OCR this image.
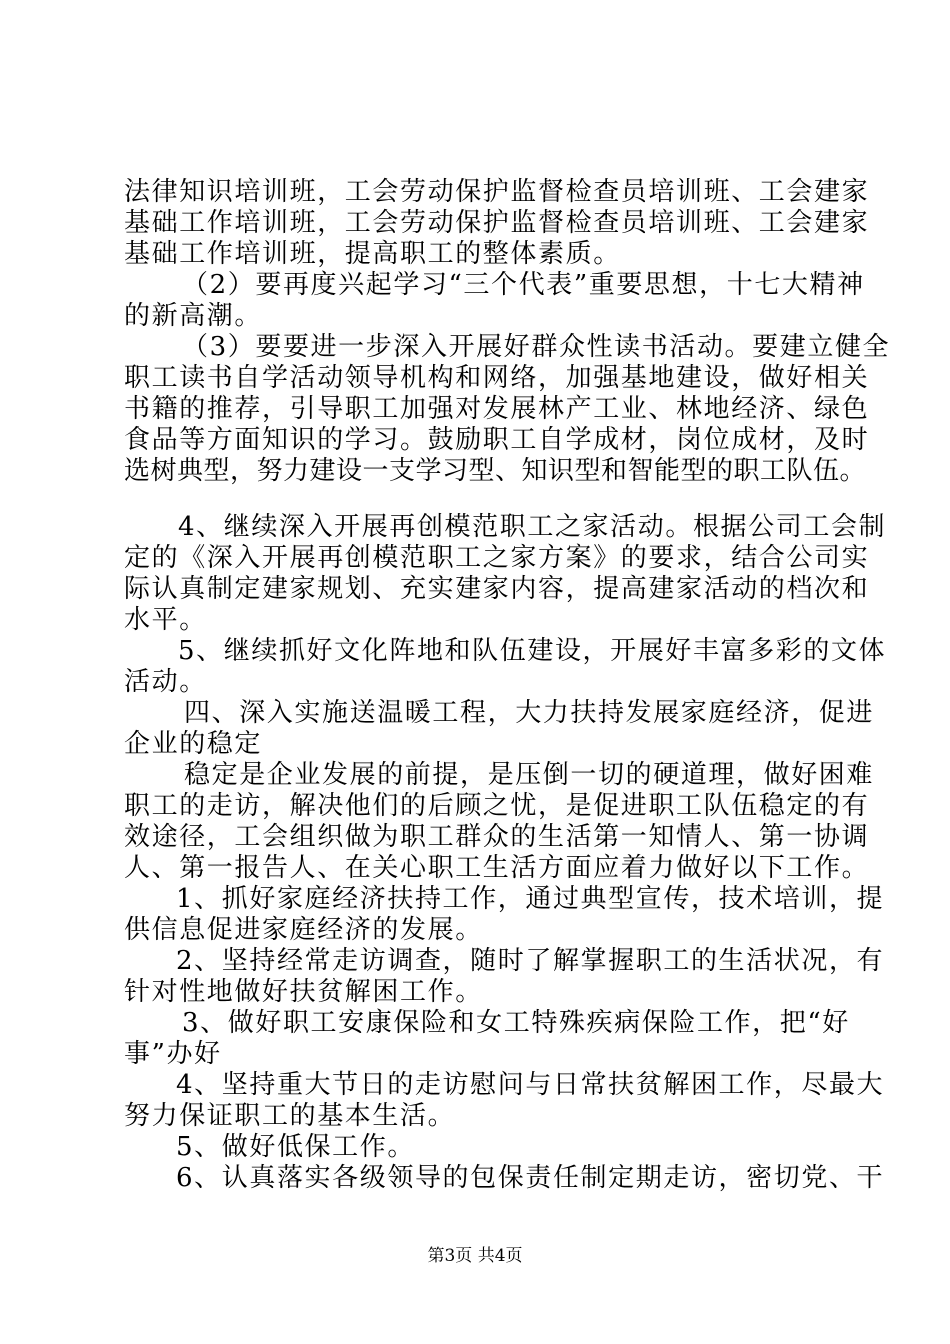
法律知识培训班，工会劳动保护监督检查员培训班、工会建家
基础工作培训班，工会劳动保护监督检查员培训班、工会建家
基础工作培训班，提高职工的整体素质。
（2）要再度兴起学习“三个代表”重要思想，十七大精神
的新高潮。
（3）要要进一步深入开展好群众性读书活动。要建立健全
职工读书自学活动领导机构和网络，加强基地建设，做好相关
书籍的推荐，引导职工加强对发展林产工业、林地经济、绿色
食品等方面知识的学习。鼓励职工自学成材，岗位成材，及时
选树典型，努力建设一支学习型、知识型和智能型的职工队伍。
4、继续深入开展再创模范职工之家活动。根据公司工会制
定的《深入开展再创模范职工之家方案》的要求，结合公司实
际认真制定建家规划、充实建家内容，提高建家活动的档次和
水平。
5、继续抓好文化阵地和队伍建设，开展好丰富多彩的文体
活动。
四、深入实施送温暖工程，大力扶持发展家庭经济，促进
企业的稳定
稳定是企业发展的前提，是压倒一切的硬道理，做好困难
职工的走访，解决他们的后顾之忧，是促进职工队伍稳定的有
效途径，工会组织做为职工群众的生活第一知情人、第一协调
人、第一报告人、在关心职工生活方面应着力做好以下工作。
1、抓好家庭经济扶持工作，通过典型宣传，技术培训，提
供信息促进家庭经济的发展。
2、坚持经常走访调查，随时了解掌握职工的生活状况，有
针对性地做好扶贫解困工作。
3、做好职工安康保险和女工特殊疾病保险工作，把“好
事”办好
4、坚持重大节日的走访慰问与日常扶贫解困工作，尽最大
努力保证职工的基本生活。
5、做好低保工作。
6、认真落实各级领导的包保责任制定期走访，密切党、干
第3页 共4页
